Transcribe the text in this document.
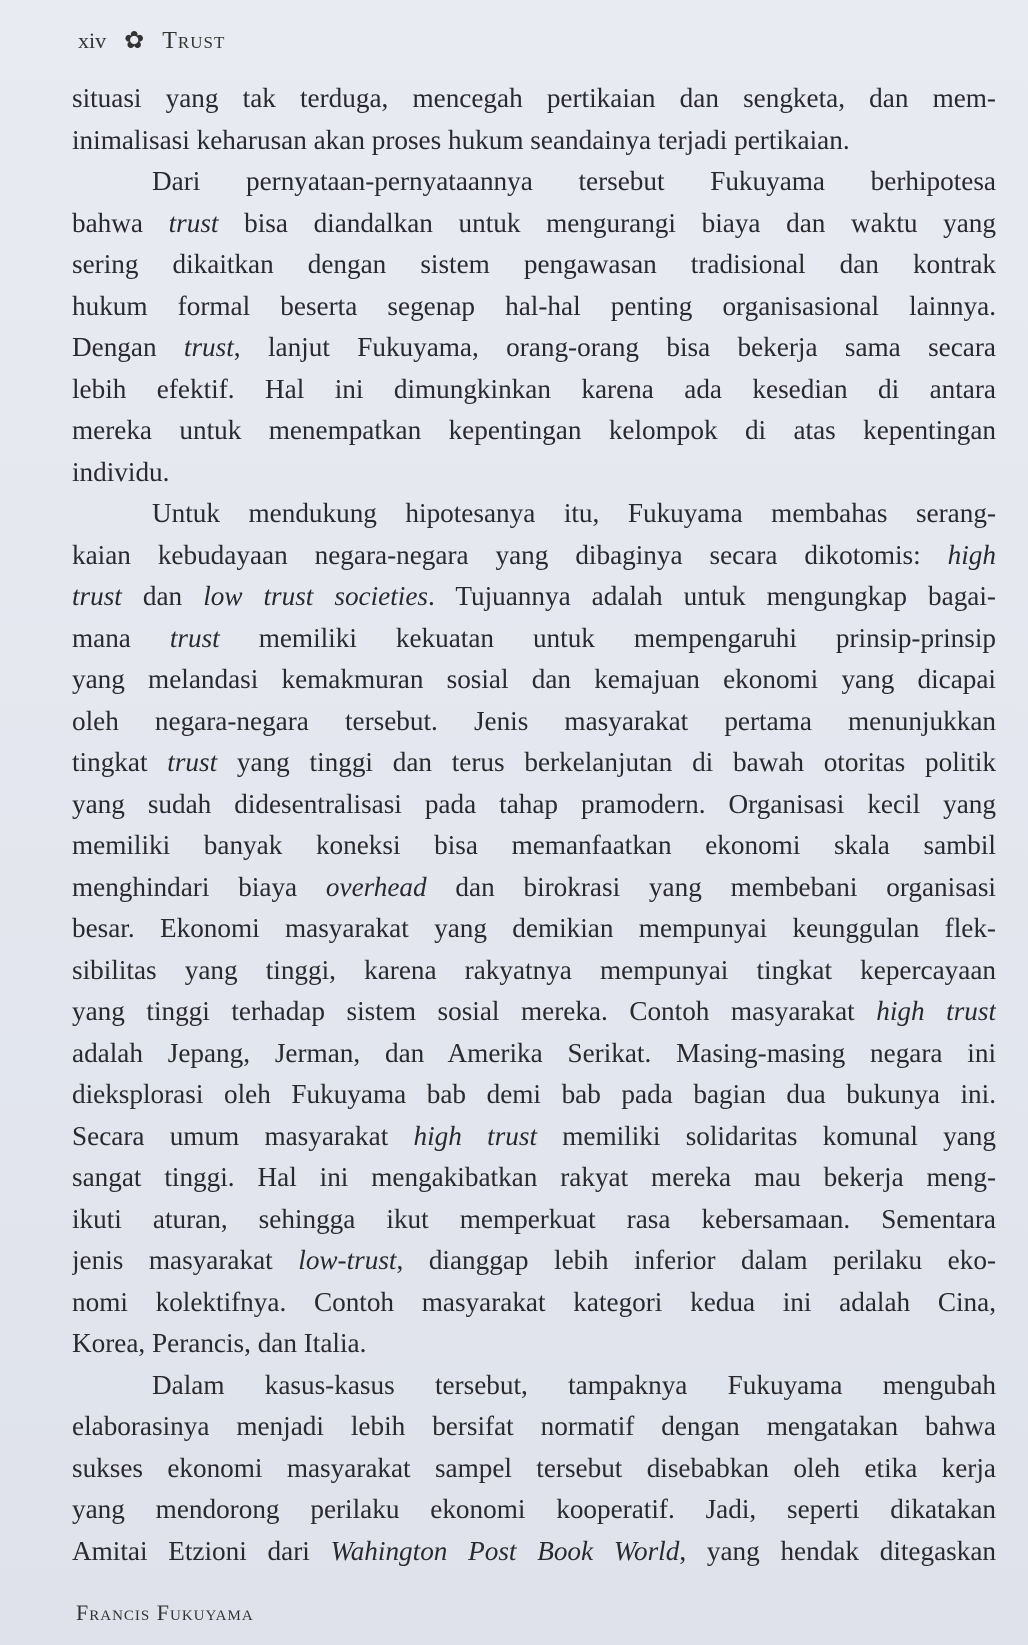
xiv ✿ Trust
situasi yang tak terduga, mencegah pertikaian dan sengketa, dan mem-
inimalisasi keharusan akan proses hukum seandainya terjadi pertikaian.
Dari pernyataan-pernyataannya tersebut Fukuyama berhipotesa
bahwa trust bisa diandalkan untuk mengurangi biaya dan waktu yang
sering dikaitkan dengan sistem pengawasan tradisional dan kontrak
hukum formal beserta segenap hal-hal penting organisasional lainnya.
Dengan trust, lanjut Fukuyama, orang-orang bisa bekerja sama secara
lebih efektif. Hal ini dimungkinkan karena ada kesedian di antara
mereka untuk menempatkan kepentingan kelompok di atas kepentingan
individu.
Untuk mendukung hipotesanya itu, Fukuyama membahas serang-
kaian kebudayaan negara-negara yang dibaginya secara dikotomis: high
trust dan low trust societies. Tujuannya adalah untuk mengungkap bagai-
mana trust memiliki kekuatan untuk mempengaruhi prinsip-prinsip
yang melandasi kemakmuran sosial dan kemajuan ekonomi yang dicapai
oleh negara-negara tersebut. Jenis masyarakat pertama menunjukkan
tingkat trust yang tinggi dan terus berkelanjutan di bawah otoritas politik
yang sudah didesentralisasi pada tahap pramodern. Organisasi kecil yang
memiliki banyak koneksi bisa memanfaatkan ekonomi skala sambil
menghindari biaya overhead dan birokrasi yang membebani organisasi
besar. Ekonomi masyarakat yang demikian mempunyai keunggulan flek-
sibilitas yang tinggi, karena rakyatnya mempunyai tingkat kepercayaan
yang tinggi terhadap sistem sosial mereka. Contoh masyarakat high trust
adalah Jepang, Jerman, dan Amerika Serikat. Masing-masing negara ini
dieksplorasi oleh Fukuyama bab demi bab pada bagian dua bukunya ini.
Secara umum masyarakat high trust memiliki solidaritas komunal yang
sangat tinggi. Hal ini mengakibatkan rakyat mereka mau bekerja meng-
ikuti aturan, sehingga ikut memperkuat rasa kebersamaan. Sementara
jenis masyarakat low-trust, dianggap lebih inferior dalam perilaku eko-
nomi kolektifnya. Contoh masyarakat kategori kedua ini adalah Cina,
Korea, Perancis, dan Italia.
Dalam kasus-kasus tersebut, tampaknya Fukuyama mengubah
elaborasinya menjadi lebih bersifat normatif dengan mengatakan bahwa
sukses ekonomi masyarakat sampel tersebut disebabkan oleh etika kerja
yang mendorong perilaku ekonomi kooperatif. Jadi, seperti dikatakan
Amitai Etzioni dari Wahington Post Book World, yang hendak ditegaskan
Francis Fukuyama
